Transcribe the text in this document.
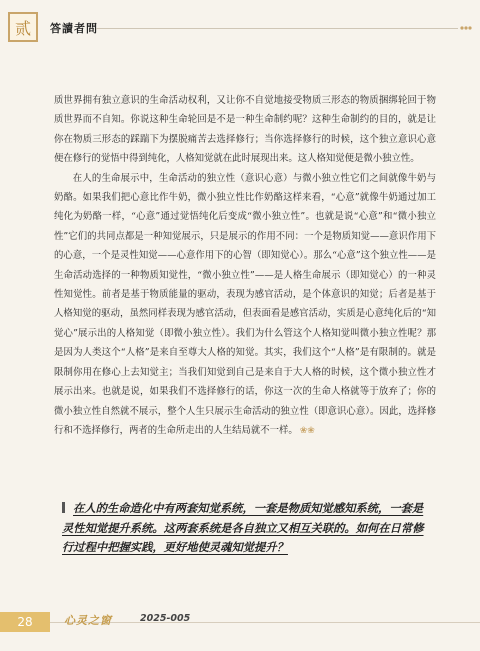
贰 答讀者問

质世界拥有独立意识的生命活动权利，又让你不自觉地接受物质三形态的物质捆绑轮回于物质世界而不自知。你说这种生命轮回是不是一种生命制约呢？这种生命制约的目的，就是让你在物质三形态的踩踹下为摆脱痛苦去选择修行；当你选择修行的时候，这个独立意识心意便在修行的觉悟中得到纯化，人格知觉就在此时展现出来。这人格知觉便是微小独立性。

在人的生命展示中，生命活动的独立性（意识心意）与微小独立性它们之间就像牛奶与奶酪。如果我们把心意比作牛奶，微小独立性比作奶酪这样来看，“心意”就像牛奶通过加工纯化为奶酪一样，“心意”通过觉悟纯化后变成“微小独立性”。也就是说“心意”和“微小独立性”它们的共同点都是一种知觉展示，只是展示的作用不同：一个是物质知觉——意识作用下的心意，一个是灵性知觉——心意作用下的心智（即知觉心）。那么“心意”这个独立性——是生命活动选择的一种物质知觉性，“微小独立性”——是人格生命展示（即知觉心）的一种灵性知觉性。前者是基于物质能量的驱动，表现为感官活动，是个体意识的知觉；后者是基于人格知觉的驱动，虽然同样表现为感官活动，但表面看是感官活动，实质是心意纯化后的“知觉心”展示出的人格知觉（即微小独立性）。我们为什么管这个人格知觉叫微小独立性呢？那是因为人类这个“人格”是来自至尊大人格的知觉。其实，我们这个“人格”是有限制的。就是限制你用在修心上去知觉主；当我们知觉到自己是来自于大人格的时候，这个微小独立性才展示出来。也就是说，如果我们不选择修行的话，你这一次的生命人格就等于放弃了；你的微小独立性自然就不展示，整个人生只展示生命活动的独立性（即意识心意）。因此，选择修行和不选择修行，两者的生命所走出的人生结局就不一样。 ❀❀

在人的生命造化中有两套知觉系统，一套是物质知觉感知系统，一套是灵性知觉提升系统。这两套系统是各自独立又相互关联的。如何在日常修行过程中把握实践，更好地使灵魂知觉提升？
28	心灵之窗	2025-005
